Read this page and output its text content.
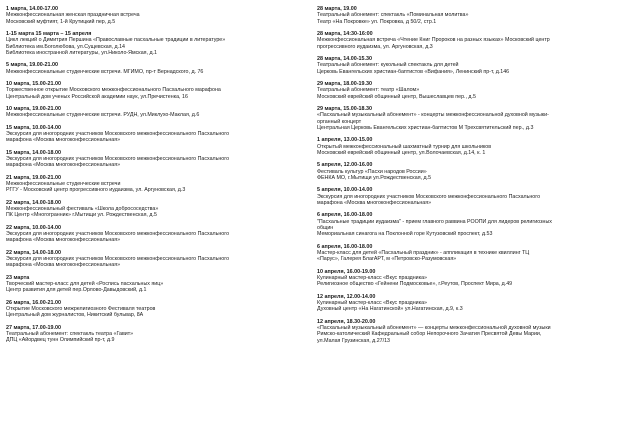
1 марта, 14.00-17.00
Межконфессиональная женская праздничная встреча
Московский муфтият, 1-й Крутицкий пер, д.5
1-15 марта 15 марта – 15 апреля
Цикл лекций о Димитрия Першина «Православные пасхальные традиции в литературе»
Библиотека им.Боголюбова, ул.Сущевская, д.14
Библиотека иностранной литературы, ул.Николо-Ямская, д.1
5 марта, 19.00-21.00
Межконфессиональные студенческие встречи. МГИМО, пр-т Вернадского, д. 76
10 марта, 15.00-21.00
Торжественное открытие Московского межконфессионального Пасхального марафона
Центральный дом ученых Российской академии наук, ул.Пречистенка, 16
10 марта, 19.00-21.00
Межконфессиональные студенческие встречи. РУДН, ул.Миклухо-Маклая, д.6
15 марта, 10.00-14.00
Экскурсия для иногородних участников Московского межконфессионального Пасхального
марафона «Москва многоконфессиональная»
15 марта, 14.00-18.00
Экскурсия для иногородних участников Московского межконфессионального Пасхального
марафона «Москва многоконфессиональная»
21 марта, 19.00-21.00
Межконфессиональные студенческие встречи
РГГУ - Московский центр прогрессивного иудаизма, ул. Аргуновская, д.3
22 марта, 14.00-18.00
Межконфессиональный фестиваль «Школа добрососедства»
ПК Центр «Многогранник» г.Мытищи ул. Рождественская, д.5
22 марта, 10.00-14.00
Экскурсия для иногородних участников Московского межконфессионального Пасхального
марафона «Москва многоконфессиональная»
22 марта, 14.00-18.00
Экскурсия для иногородних участников Московского межконфессионального Пасхального
марафона «Москва многоконфессиональная»
23 марта
Творческий мастер-класс для детей «Роспись пасхальных яиц»
Центр развития для детей пер.Орлово-Давыдовский, д.1
26 марта, 16.00-21.00
Открытие Московского межрелигиозного Фестиваля театров
Центральный дом журналистов, Никитский бульвар, 8А
27 марта, 17.00-19.00
Театральный абонемент: спектакль театра «Гавит»
ДПЦ «Айордвец тунн Олимпийский пр-т, д.9
28 марта, 19.00
Театральный абонемент: спектакль «Поминальная молитва»
Театр «На Покровке» ул. Покровка, д 50/2, стр.1
28 марта, 14:30-16:00
Межконфессиональная встреча «Чтение Книг Пророков на разных языках» Московский центр
прогрессивного иудаизма, ул. Аргуновская, д.3
28 марта, 14.00-15.30
Театральный абонемент: кукольный спектакль для детей
Церковь Евангельских христиан-баптистов «Вифания», Ленинский пр-т, д.146
29 марта, 18.00-19.30
Театральный абонемент: театр «Шалом»
Московский еврейский общинный центр, Вышеславцев пер., д.5
29 марта, 15.00-18.30
«Пасхальный музыкальный абонемент» - концерты межконфессиональной духовной музыки-
органный концерт
Центральная Церковь Евангельских христиан-баптистов М Трехсвятительский пер., д.3
1 апреля, 13.00-15.00
Открытый межконфессиональный шахматный турнир для школьников
Московский еврейский общинный центр, ул.Волочаевская, д.14, к. 1
5 апреля, 12.00-16.00
Фестиваль культур «Пасхи народов России»
ФЕНКА МО, г.Мытищи ул.Рождественская, д.5
5 апреля, 10.00-14.00
Экскурсия для иногородних участников Московского межконфессионального Пасхального
марафона «Москва многоконфессиональная»
6 апреля, 16.00-18.00
"Пасхальные традиции иудаизма" - прием главного раввина РООПИ для лидеров религиозных
общин
Мемориальная синагога на Поклонной горе Кутузовский проспект, д.53
6 апреля, 16.00-18.00
Мастер-класс для детей «Пасхальный праздник» - аппликация в технике квиллинг ТЦ
«Парус», Галерея БлагАРТ, м «Петровско-Разумовская»
10 апреля, 16.00-19.00
Кулинарный мастер-класс «Вкус праздника»
Религиозное общество «Гейнени Подмосковье», г.Реутов, Проспект Мира, д.49
12 апреля, 12.00-14.00
Кулинарный мастер-класс «Вкус праздника»
Духовный центр «На Нагатинской» ул.Нагатинская, д.9, к.3
12 апреля, 18.30-20.00
«Пасхальный музыкальный абонемент» — концерты межконфессиональной духовной музыки
Римско-католический Кафедральный собор Непорочного Зачатия Пресвятой Девы Марии,
ул.Малая Грузинская, д.27/13
